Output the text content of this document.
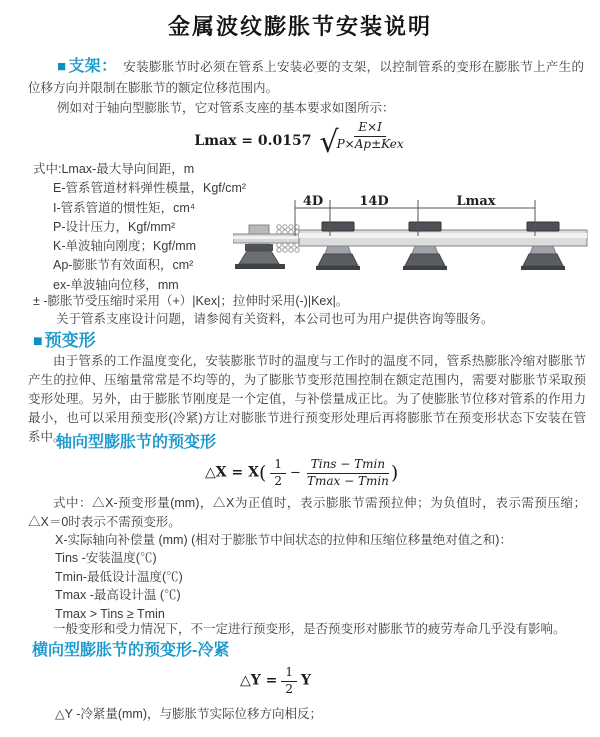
金属波纹膨胀节安装说明
■ 支架： 安装膨胀节时必须在管系上安装必要的支架，以控制管系的变形在膨胀节上产生的位移方向并限制在膨胀节的额定位移范围内。
例如对于轴向型膨胀节，它对管系支座的基本要求如图所示：
Lmax = 0.0157 √
$\frac{E\times I}{\text{P×Ap±Kex}}$
式中:Lmax-最大导向间距，m
E-管系管道材料弹性模量，Kgf/cm²
I-管系管道的惯性矩，cm⁴
P-设计压力，Kgf/mm²
K-单波轴向刚度；Kgf/mm
Ap-膨胀节有效面积，cm²
ex-单波轴向位移，mm
4D	14D	Lmax
± -膨胀节受压缩时采用（+）|Kex|；拉伸时采用(-)|Kex|。
关于管系支座设计问题，请参阅有关资料，本公司也可为用户提供咨询等服务。
■ 预变形
由于管系的工作温度变化，安装膨胀节时的温度与工作时的温度不同，管系热膨胀冷缩对膨胀节产生的拉伸、压缩量常常是不均等的，为了膨胀节变形范围控制在额定范围内，需要对膨胀节采取预变形处理。另外，由于膨胀节刚度是一个定值，与补偿量成正比。为了使膨胀节位移对管系的作用力最小，也可以采用预变形(冷紧)方让对膨胀节进行预变形处理后再将膨胀节在预变形状态下安装在管系中。
轴向型膨胀节的预变形
△X = $X( \frac{1}{2} - \frac{\text{Tins − Tmin}}{Tmax - Tmin}$ )
式中：△X-预变形量(mm)，△X为正值时，表示膨胀节需预拉伸；为负值时，表示需预压缩；△X＝0时表示不需预变形。
X-实际轴向补偿量 (mm) (相对于膨胀节中间状态的拉伸和压缩位移量绝对值之和)：
Tins -安装温度(℃)
Tmin-最低设计温度(℃)
Tmax -最高设计温 (℃)
Tmax > Tins ≥ Tmin
一般变形和受力情况下，不一定进行预变形，是否预变形对膨胀节的疲劳寿命几乎没有影响。
横向型膨胀节的预变形-冷紧
△Y = $\frac{1}{2}$ Y
△Y -冷紧量(mm)，与膨胀节实际位移方向相反；
